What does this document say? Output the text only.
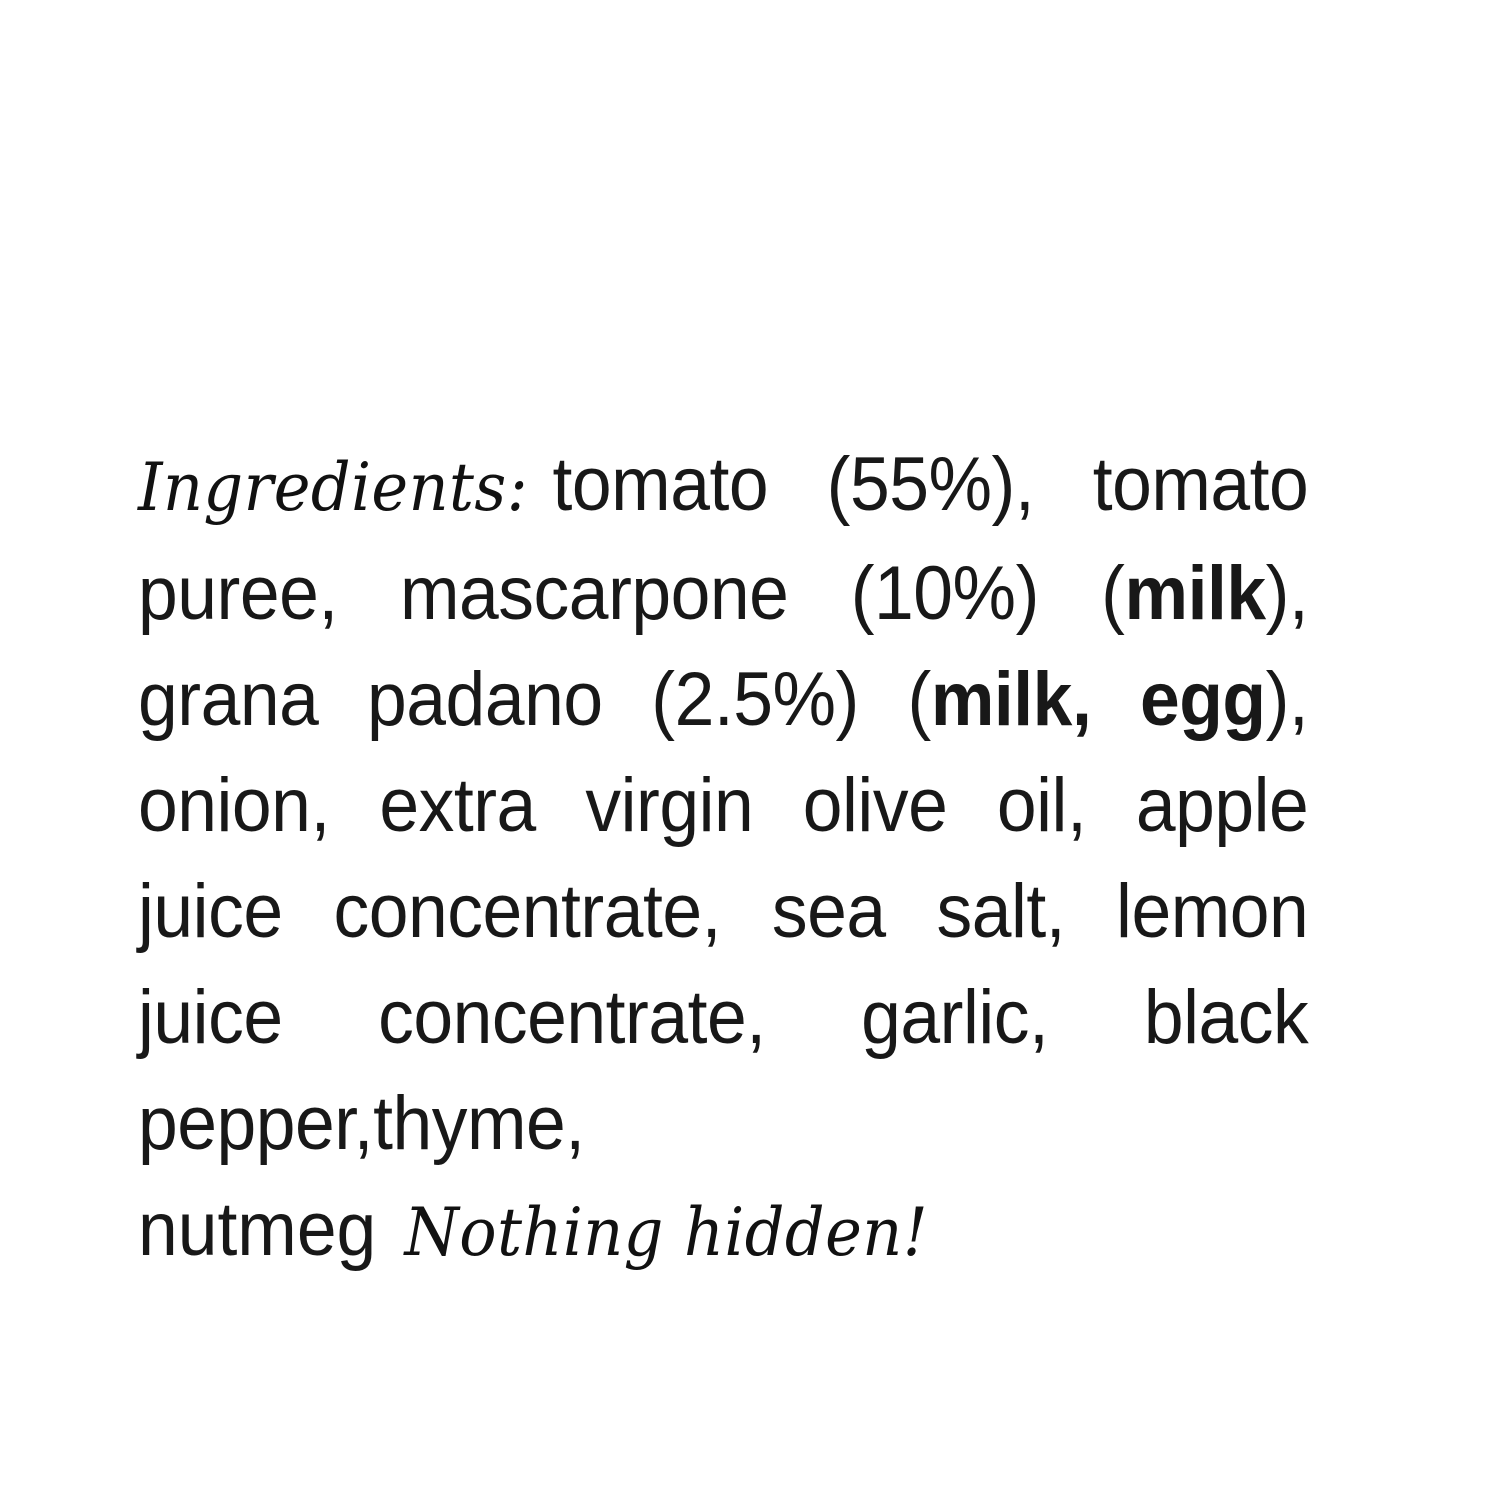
Ingredients: tomato (55%), tomato puree, mascarpone (10%) (milk), grana padano (2.5%) (milk, egg), onion, extra virgin olive oil, apple juice concentrate, sea salt, lemon juice concentrate, garlic, black pepper,thyme,
nutmeg Nothing hidden!
